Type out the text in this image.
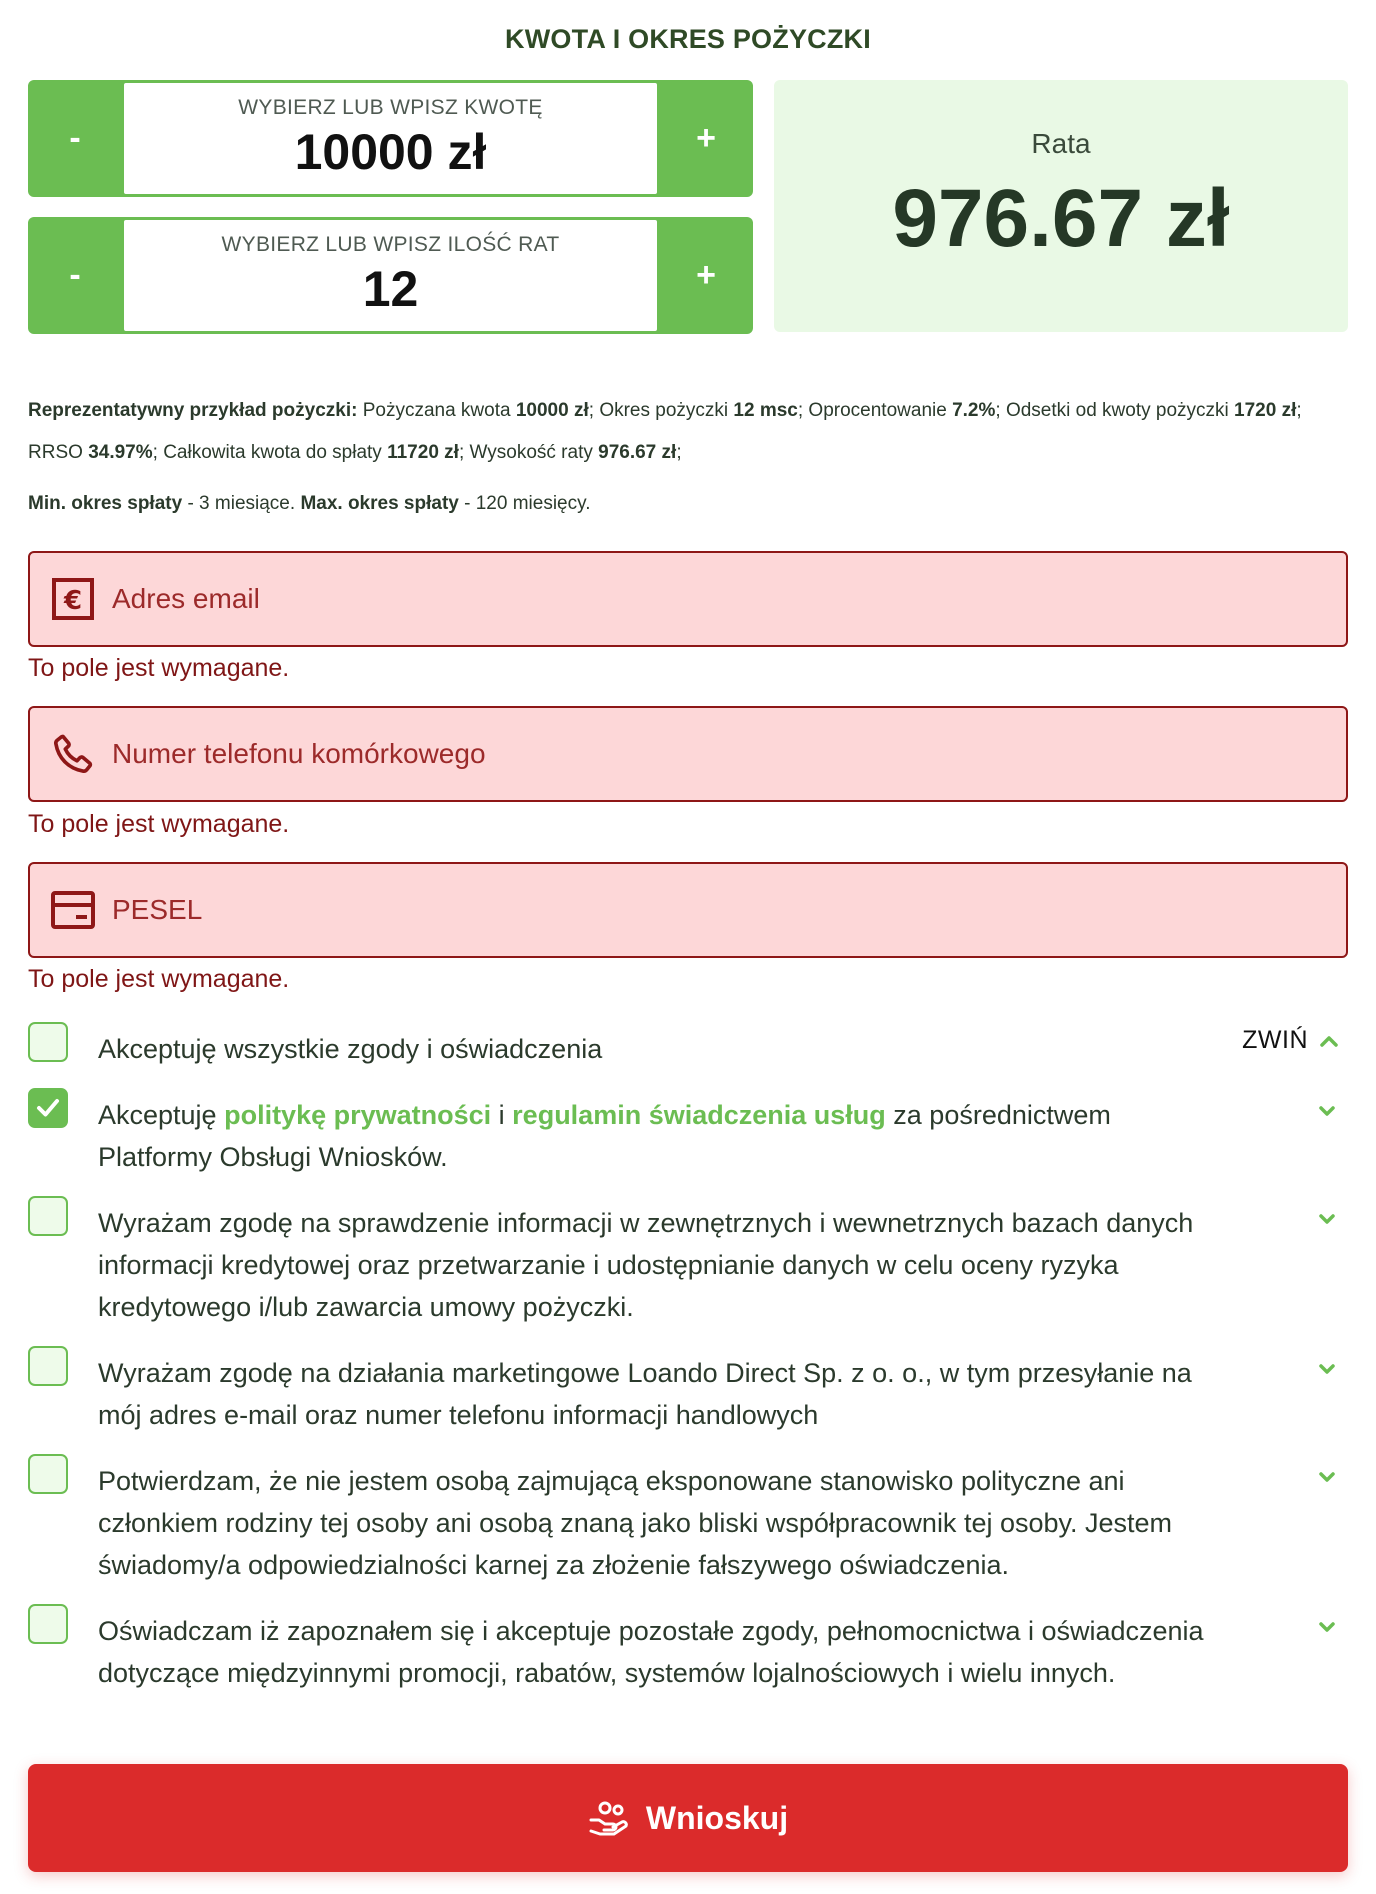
KWOTA I OKRES POŻYCZKI
-
WYBIERZ LUB WPISZ KWOTĘ
10000 zł	+
-
WYBIERZ LUB WPISZ ILOŚĆ RAT
12	+
Rata
976.67 zł
Reprezentatywny przykład pożyczki: Pożyczana kwota 10000 zł; Okres pożyczki 12 msc; Oprocentowanie 7.2%; Odsetki od kwoty pożyczki 1720 zł; RRSO 34.97%; Całkowita kwota do spłaty 11720 zł; Wysokość raty 976.67 zł;
Min. okres spłaty - 3 miesiące. Max. okres spłaty - 120 miesięcy.
€
Adres email
To pole jest wymagane.
Numer telefonu komórkowego
To pole jest wymagane.
PESEL
To pole jest wymagane.
Akceptuję wszystkie zgody i oświadczenia	ZWIŃ
Akceptuję politykę prywatności i regulamin świadczenia usług za pośrednictwem Platformy Obsługi Wniosków.
Wyrażam zgodę na sprawdzenie informacji w zewnętrznych i wewnetrznych bazach danych informacji kredytowej oraz przetwarzanie i udostępnianie danych w celu oceny ryzyka kredytowego i/lub zawarcia umowy pożyczki.
Wyrażam zgodę na działania marketingowe Loando Direct Sp. z o. o., w tym przesyłanie na mój adres e-mail oraz numer telefonu informacji handlowych
Potwierdzam, że nie jestem osobą zajmującą eksponowane stanowisko polityczne ani członkiem rodziny tej osoby ani osobą znaną jako bliski współpracownik tej osoby. Jestem świadomy/a odpowiedzialności karnej za złożenie fałszywego oświadczenia.
Oświadczam iż zapoznałem się i akceptuje pozostałe zgody, pełnomocnictwa i oświadczenia dotyczące międzyinnymi promocji, rabatów, systemów lojalnościowych i wielu innych.
Wnioskuj
